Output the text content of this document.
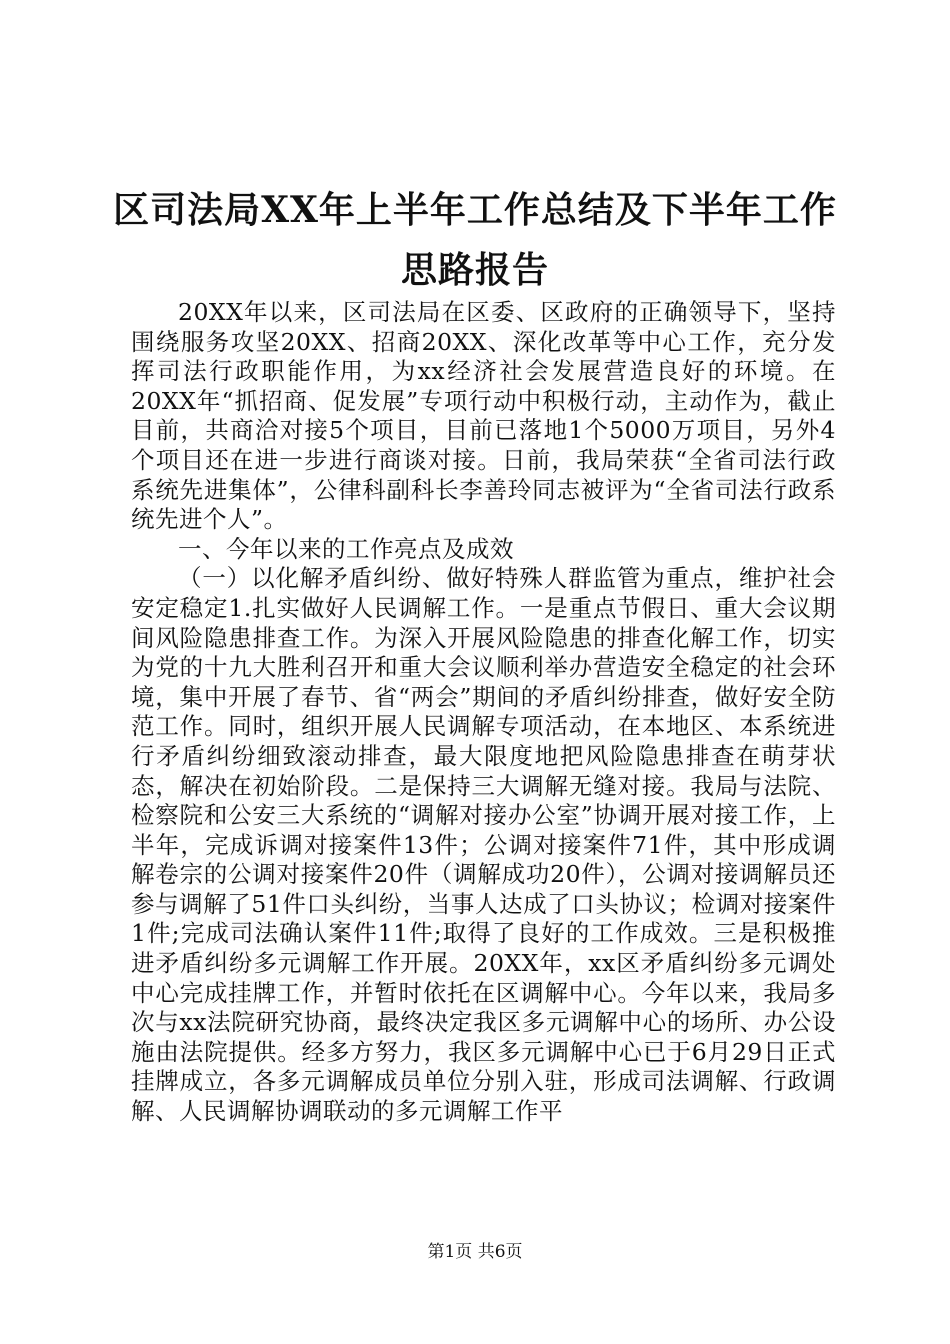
区司法局XX年上半年工作总结及下半年工作
思路报告

20XX年以来，区司法局在区委、区政府的正确领导下，坚持围绕服务攻坚20XX、招商20XX、深化改革等中心工作，充分发挥司法行政职能作用，为xx经济社会发展营造良好的环境。在20XX年“抓招商、促发展”专项行动中积极行动，主动作为，截止目前，共商洽对接5个项目，目前已落地1个5000万项目，另外4个项目还在进一步进行商谈对接。日前，我局荣获“全省司法行政系统先进集体”，公律科副科长李善玲同志被评为“全省司法行政系统先进个人”。

一、今年以来的工作亮点及成效

（一）以化解矛盾纠纷、做好特殊人群监管为重点，维护社会安定稳定1.扎实做好人民调解工作。一是重点节假日、重大会议期间风险隐患排查工作。为深入开展风险隐患的排查化解工作，切实为党的十九大胜利召开和重大会议顺利举办营造安全稳定的社会环境，集中开展了春节、省“两会”期间的矛盾纠纷排查，做好安全防范工作。同时，组织开展人民调解专项活动，在本地区、本系统进行矛盾纠纷细致滚动排查，最大限度地把风险隐患排查在萌芽状态，解决在初始阶段。二是保持三大调解无缝对接。我局与法院、检察院和公安三大系统的“调解对接办公室”协调开展对接工作，上半年，完成诉调对接案件13件；公调对接案件71件，其中形成调解卷宗的公调对接案件20件（调解成功20件），公调对接调解员还参与调解了51件口头纠纷，当事人达成了口头协议；检调对接案件1件;完成司法确认案件11件;取得了良好的工作成效。三是积极推进矛盾纠纷多元调解工作开展。20XX年，xx区矛盾纠纷多元调处中心完成挂牌工作，并暂时依托在区调解中心。今年以来，我局多次与xx法院研究协商，最终决定我区多元调解中心的场所、办公设施由法院提供。经多方努力，我区多元调解中心已于6月29日正式挂牌成立，各多元调解成员单位分别入驻，形成司法调解、行政调解、人民调解协调联动的多元调解工作平

第1页 共6页
